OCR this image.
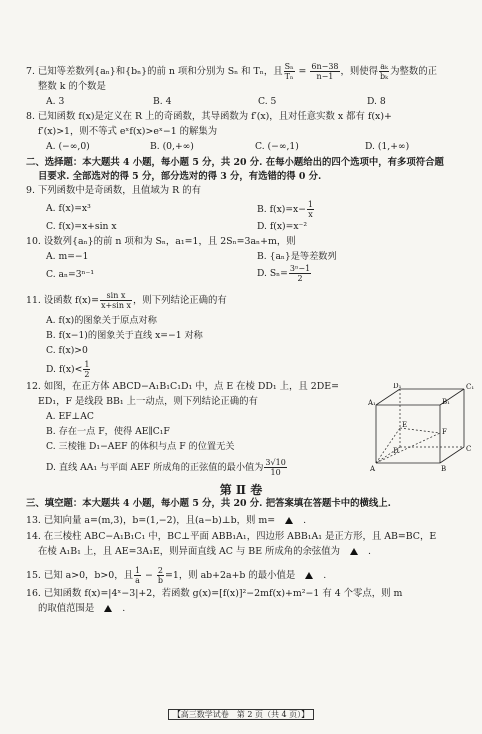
7. 已知等差数列{aₙ}和{bₙ}的前 n 项和分别为 Sₙ 和 Tₙ，且 $\frac{\text{Sₙ}}{\text{Tₙ}} = \frac{6n-38}{n-1}$ ，则使得 $\frac{\text{aₖ}}{\text{bₖ}}$ 为整数的正
整数 k 的个数是
A. 3	B. 4	C. 5	D. 8
8. 已知函数 f(x)是定义在 R 上的奇函数，其导函数为 f′(x)，且对任意实数 x 都有 f(x)+
f′(x)>1，则不等式 eˣf(x)>eˣ−1 的解集为
A. (−∞,0)	B. (0,+∞)	C. (−∞,1)	D. (1,+∞)
二、选择题：本大题共 4 小题，每小题 5 分，共 20 分. 在每小题给出的四个选项中，有多项符合题
目要求. 全部选对的得 5 分，部分选对的得 3 分，有选错的得 0 分.
9. 下列函数中是奇函数，且值域为 R 的有
A. f(x)=x³	B. $f(x)=x- \frac{1}{x}$
C. f(x)=x+sin x	D. f(x)=x⁻²
10. 设数列{aₙ}的前 n 项和为 Sₙ，a₁=1，且 2Sₙ=3aₙ+m，则
A. m=−1	B. {aₙ}是等差数列
C. aₙ=3ⁿ⁻¹	D. $S_n= \frac{\text{3ⁿ−1}}{2}$
11. 设函数 $f(x)= \frac{\text{sin x}}{\text{x+sin x}}$ ，则下列结论正确的有
A. f(x)的图象关于原点对称
B. f(x−1)的图象关于直线 x=−1 对称
C. f(x)>0
D. $f(x)< \frac{1}{2}$
12. 如图，在正方体 ABCD−A₁B₁C₁D₁ 中，点 E 在棱 DD₁ 上，且 2DE=
ED₁，F 是线段 BB₁ 上一动点，则下列结论正确的有
A. EF⊥AC
B. 存在一点 F，使得 AE∥C₁F
C. 三棱锥 D₁−AEF 的体积与点 F 的位置无关
D. 直线 AA₁ 与平面 AEF 所成角的正弦值的最小值为 $\frac{3√10}{10}$
D₁	C₁
A₁	B₁
E
F
D	C
A	B
第 Ⅱ 卷
三、填空题：本大题共 4 小题，每小题 5 分，共 20 分. 把答案填在答题卡中的横线上.
13. 已知向量 a=(m,3)，b=(1,−2)，且(a−b)⊥b，则 m=	.
14. 在三棱柱 ABC−A₁B₁C₁ 中，BC⊥平面 ABB₁A₁，四边形 ABB₁A₁ 是正方形，且 AB=BC，E
在棱 A₁B₁ 上，且 AE=3A₁E，则异面直线 AC 与 BE 所成角的余弦值为	.
15. 已知 a>0，b>0，且 $\frac{1}{a} - \frac{2}{b} =1$，则 ab+2a+b 的最小值是	.
16. 已知函数 f(x)=|4ˣ−3|+2，若函数 g(x)=[f(x)]²−2mf(x)+m²−1 有 4 个零点，则 m
的取值范围是	.
【高三数学试卷　第 2 页（共 4 页）】
